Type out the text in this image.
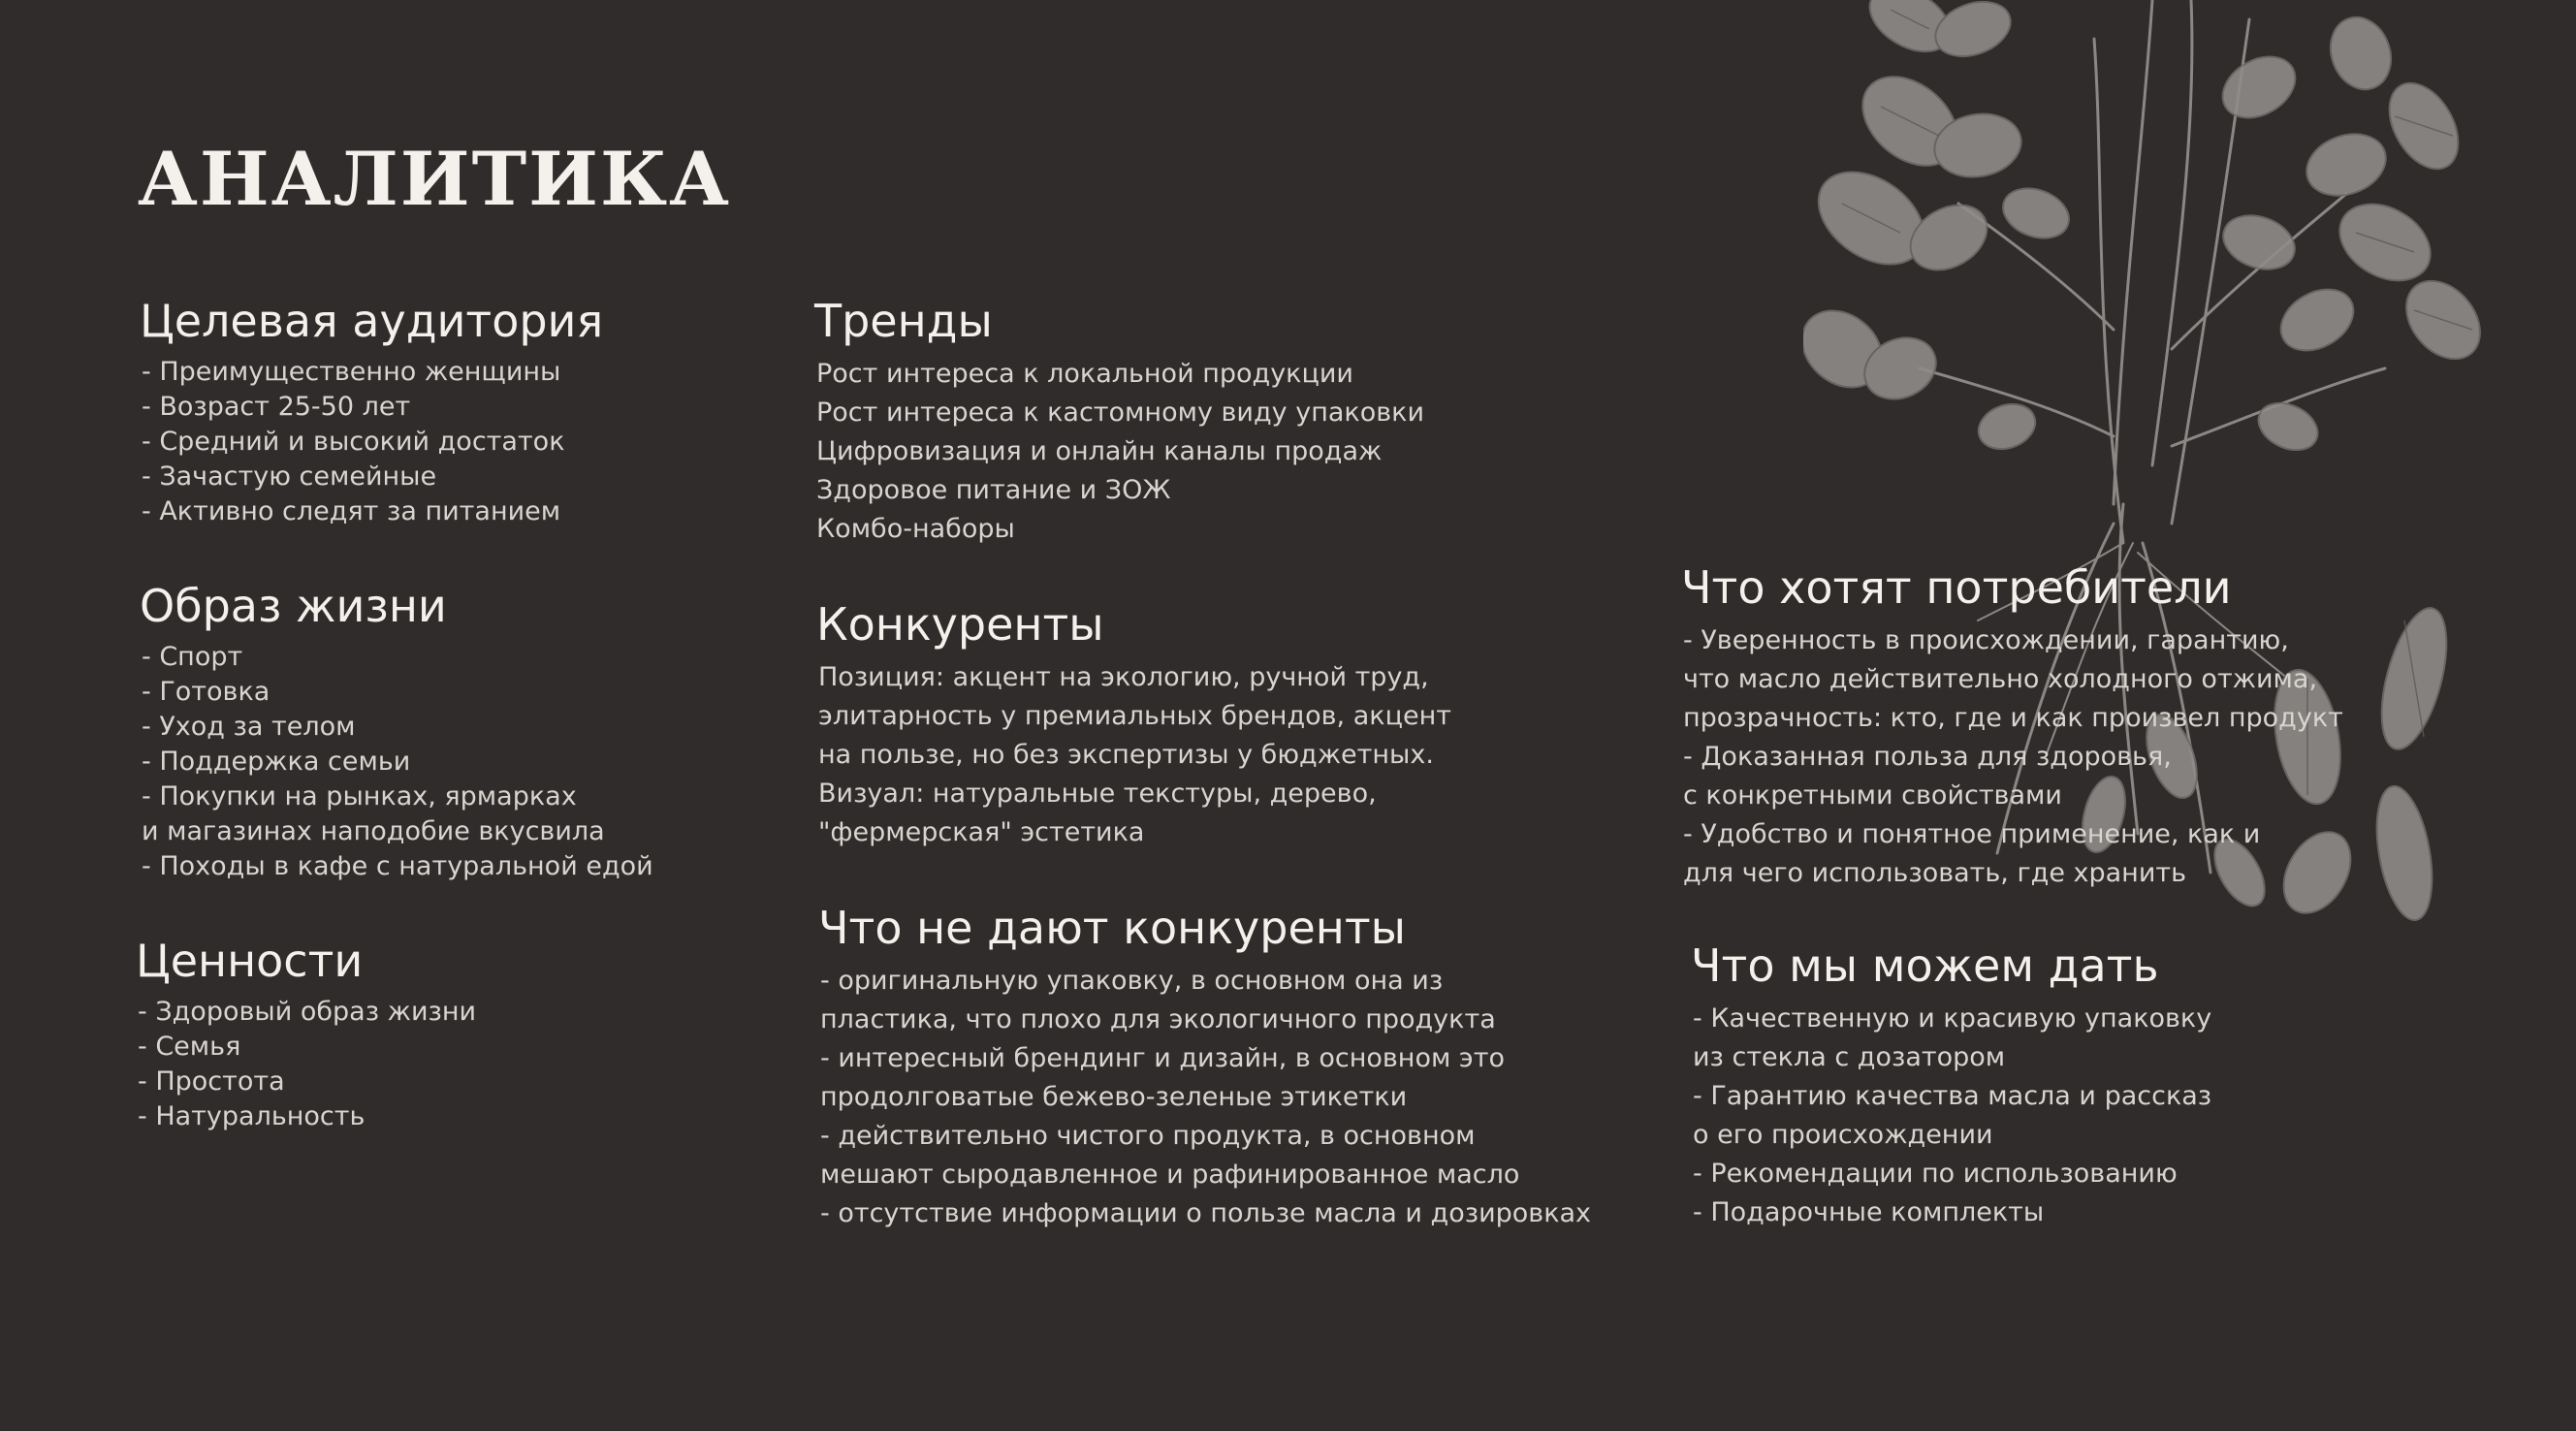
АНАЛИТИКА
Целевая аудитория
- Преимущественно женщины
- Возраст 25-50 лет
- Средний и высокий достаток
- Зачастую семейные
- Активно следят за питанием
Образ жизни
- Спорт
- Готовка
- Уход за телом
- Поддержка семьи
- Покупки на рынках, ярмарках
и магазинах наподобие вкусвила
- Походы в кафе с натуральной едой
Ценности
- Здоровый образ жизни
- Семья
- Простота
- Натуральность
Тренды
Рост интереса к локальной продукции
Рост интереса к кастомному виду упаковки
Цифровизация и онлайн каналы продаж
Здоровое питание и ЗОЖ
Комбо-наборы
Конкуренты
Позиция: акцент на экологию, ручной труд,
элитарность у премиальных брендов, акцент
на пользе, но без экспертизы у бюджетных.
Визуал: натуральные текстуры, дерево,
"фермерская" эстетика
Что не дают конкуренты
- оригинальную упаковку, в основном она из
пластика, что плохо для экологичного продукта
- интересный брендинг и дизайн, в основном это
продолговатые бежево-зеленые этикетки
- действительно чистого продукта, в основном
мешают сыродавленное и рафинированное масло
- отсутствие информации о пользе масла и дозировках
Что хотят потребители
- Уверенность в происхождении, гарантию,
что масло действительно холодного отжима,
прозрачность: кто, где и как произвел продукт
- Доказанная польза для здоровья,
с конкретными свойствами
- Удобство и понятное применение, как и
для чего использовать, где хранить
Что мы можем дать
- Качественную и красивую упаковку
из стекла с дозатором
- Гарантию качества масла и рассказ
о его происхождении
- Рекомендации по использованию
- Подарочные комплекты
